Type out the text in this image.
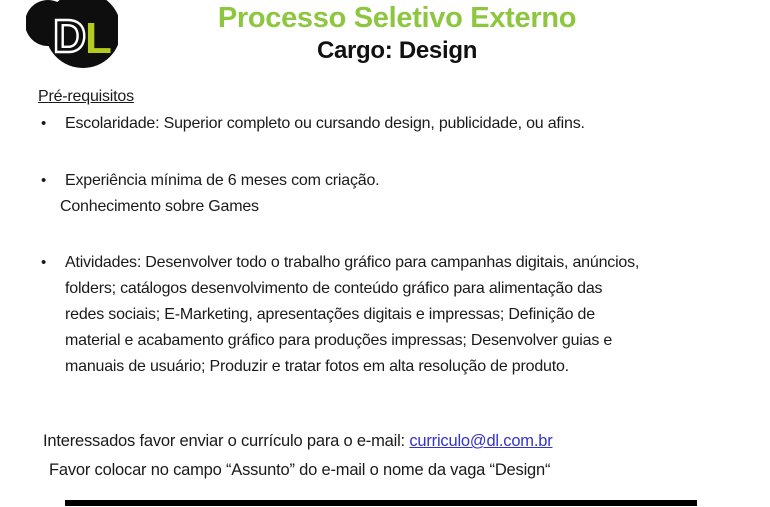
D
L	Processo Seletivo Externo
Cargo: Design
Pré-requisitos
•	Escolaridade: Superior completo ou cursando design, publicidade, ou afins.
•	Experiência mínima de 6 meses com criação.
Conhecimento sobre Games
•	Atividades: Desenvolver todo o trabalho gráfico para campanhas digitais, anúncios,
folders; catálogos desenvolvimento de conteúdo gráfico para alimentação das
redes sociais; E-Marketing, apresentações digitais e impressas; Definição de
material e acabamento gráfico para produções impressas; Desenvolver guias e
manuais de usuário; Produzir e tratar fotos em alta resolução de produto.
Interessados favor enviar o currículo para o e-mail: curriculo@dl.com.br
Favor colocar no campo “Assunto” do e-mail o nome da vaga “Design“
